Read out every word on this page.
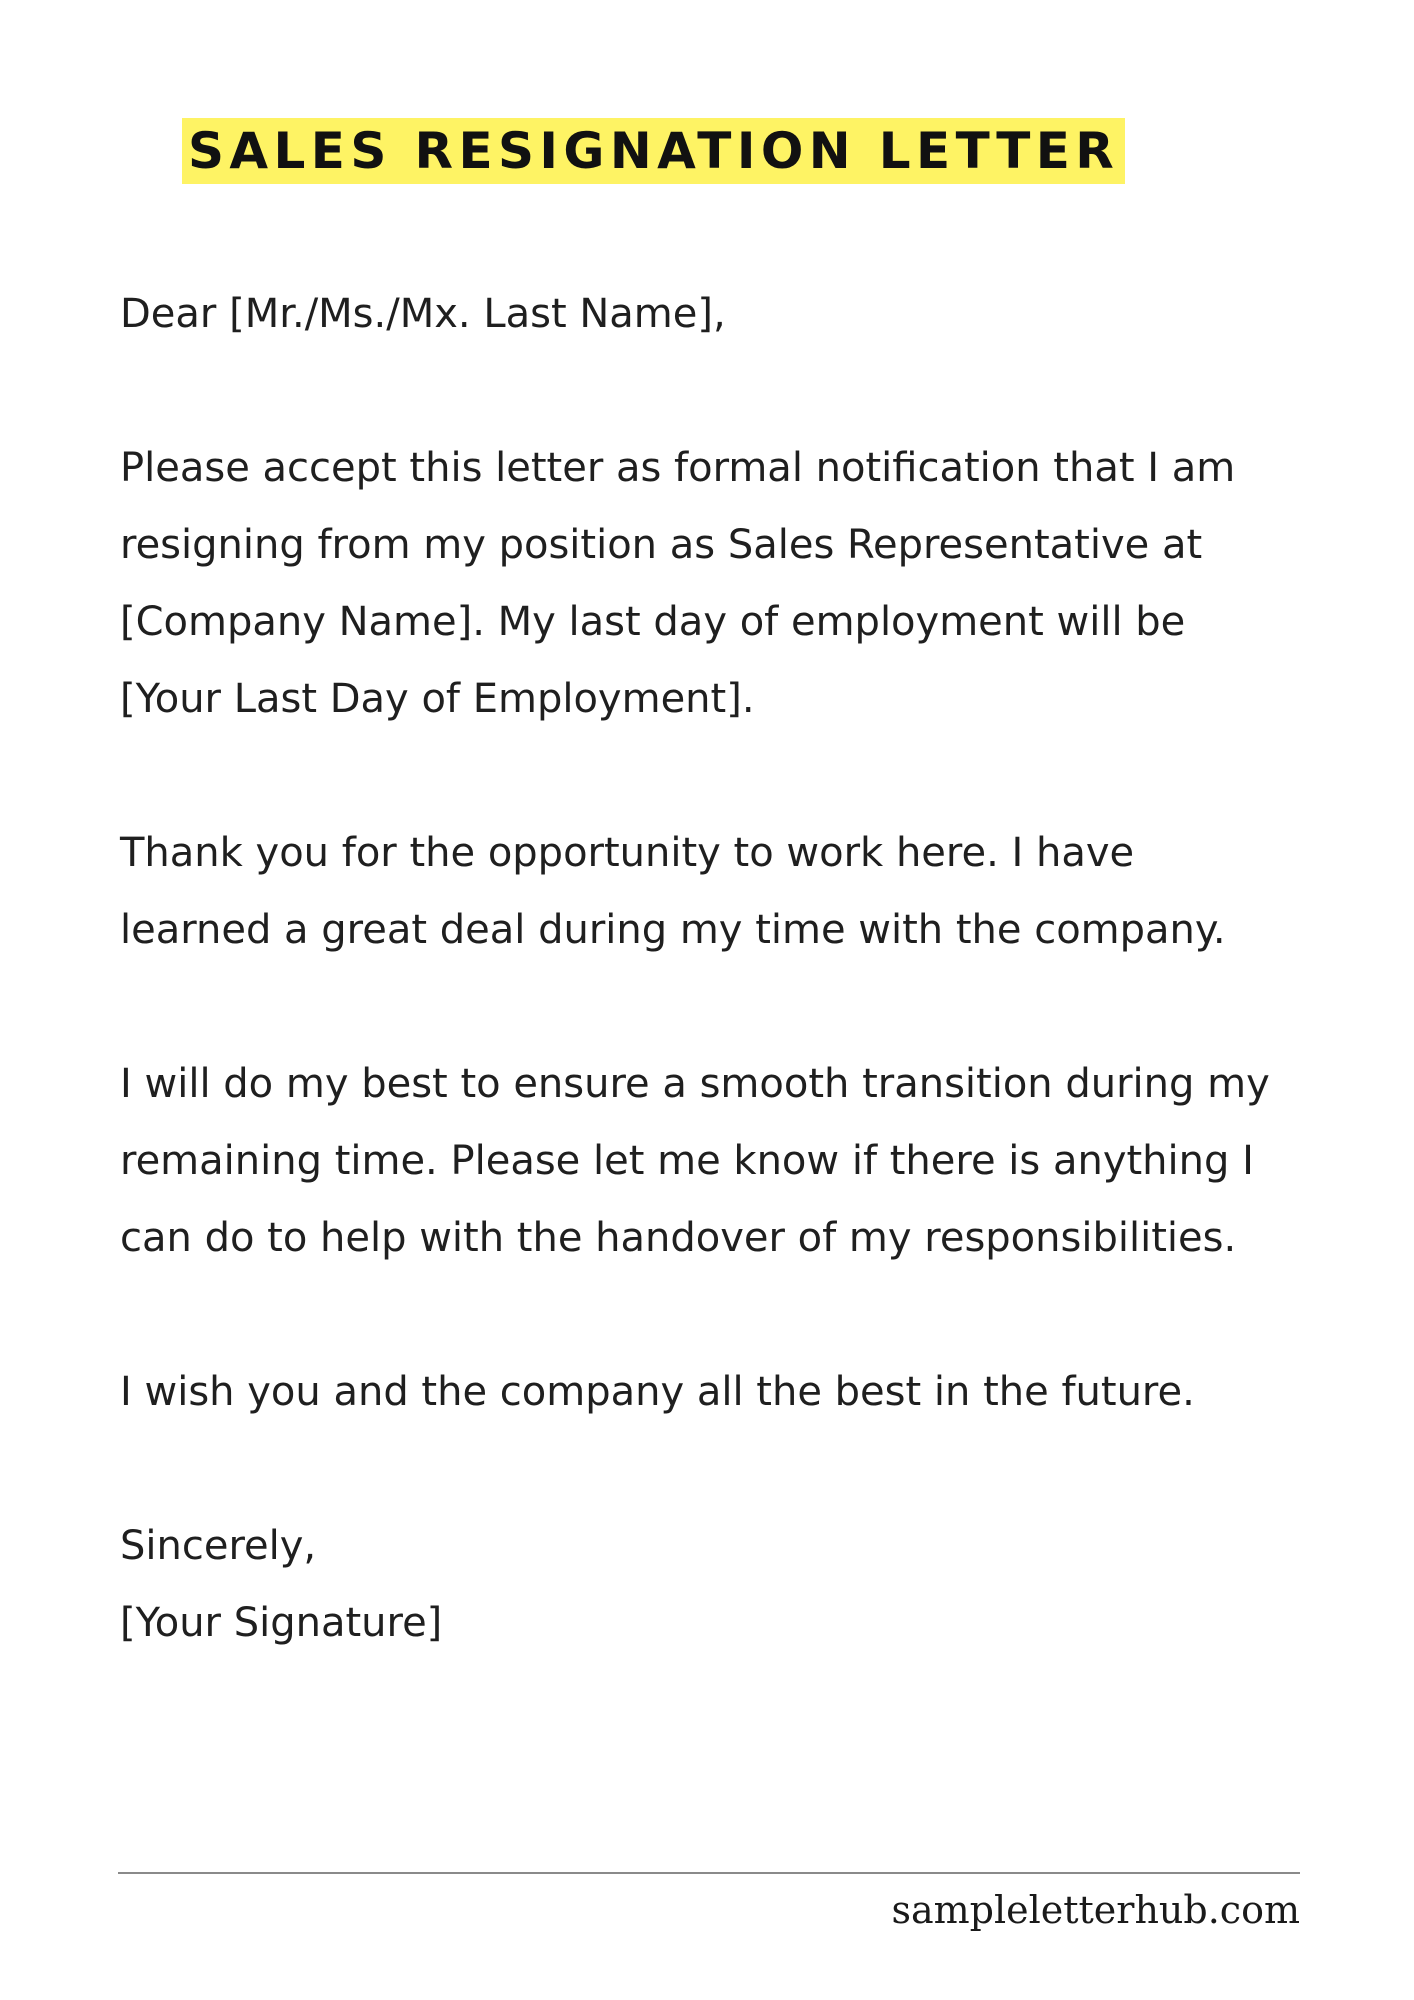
SALES RESIGNATION LETTER

Dear [Mr./Ms./Mx. Last Name],

Please accept this letter as formal notification that I am
resigning from my position as Sales Representative at
[Company Name]. My last day of employment will be
[Your Last Day of Employment].

Thank you for the opportunity to work here. I have
learned a great deal during my time with the company.

I will do my best to ensure a smooth transition during my
remaining time. Please let me know if there is anything I
can do to help with the handover of my responsibilities.

I wish you and the company all the best in the future.

Sincerely,

[Your Signature]

sampleletterhub.com
